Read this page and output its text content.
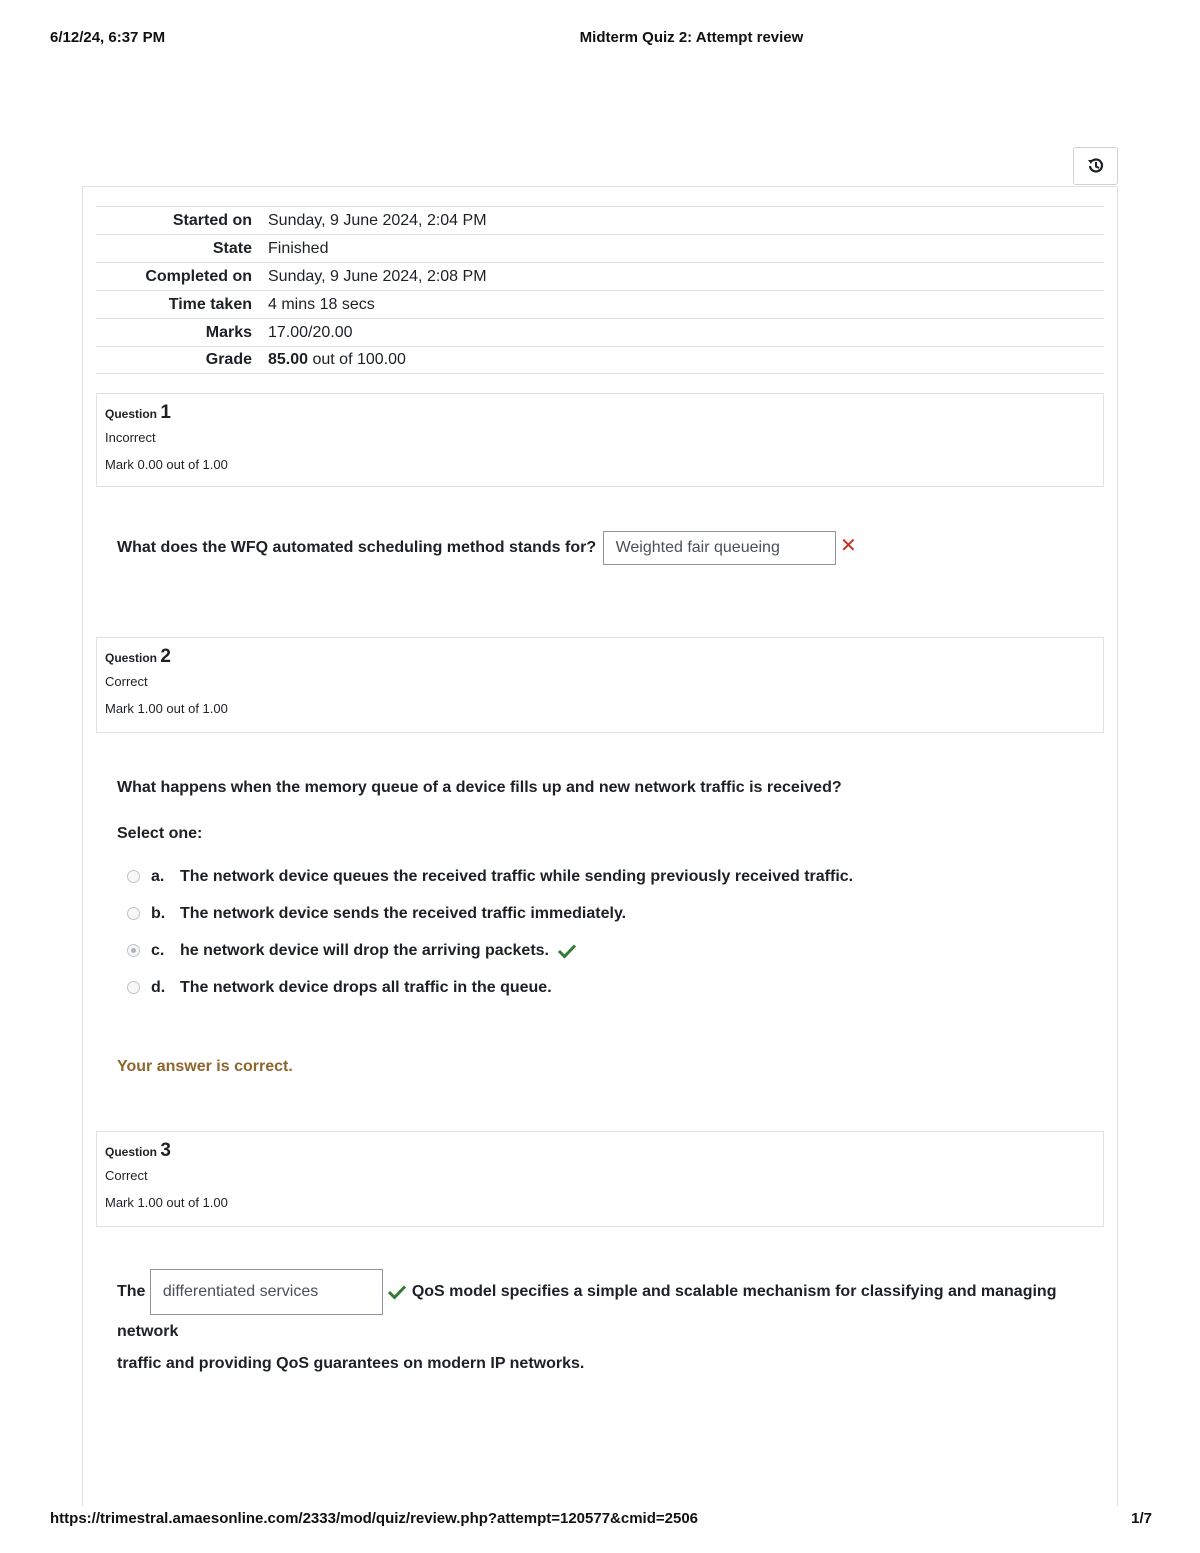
6/12/24, 6:37 PM	Midterm Quiz 2: Attempt review
Started on	Sunday, 9 June 2024, 2:04 PM
State	Finished
Completed on	Sunday, 9 June 2024, 2:08 PM
Time taken	4 mins 18 secs
Marks	17.00/20.00
Grade	85.00 out of 100.00
Question 1
Incorrect
Mark 0.00 out of 1.00
What does the WFQ automated scheduling method stands for? Weighted fair queueing	✕
Question 2
Correct
Mark 1.00 out of 1.00
What happens when the memory queue of a device fills up and new network traffic is received?
Select one:
a. The network device queues the received traffic while sending previously received traffic.
b. The network device sends the received traffic immediately.
c. he network device will drop the arriving packets.
d. The network device drops all traffic in the queue.
Your answer is correct.
Question 3
Correct
Mark 1.00 out of 1.00
The differentiated services	QoS model specifies a simple and scalable mechanism for classifying and managing network
traffic and providing QoS guarantees on modern IP networks.
https://trimestral.amaesonline.com/2333/mod/quiz/review.php?attempt=120577&cmid=2506	1/7
